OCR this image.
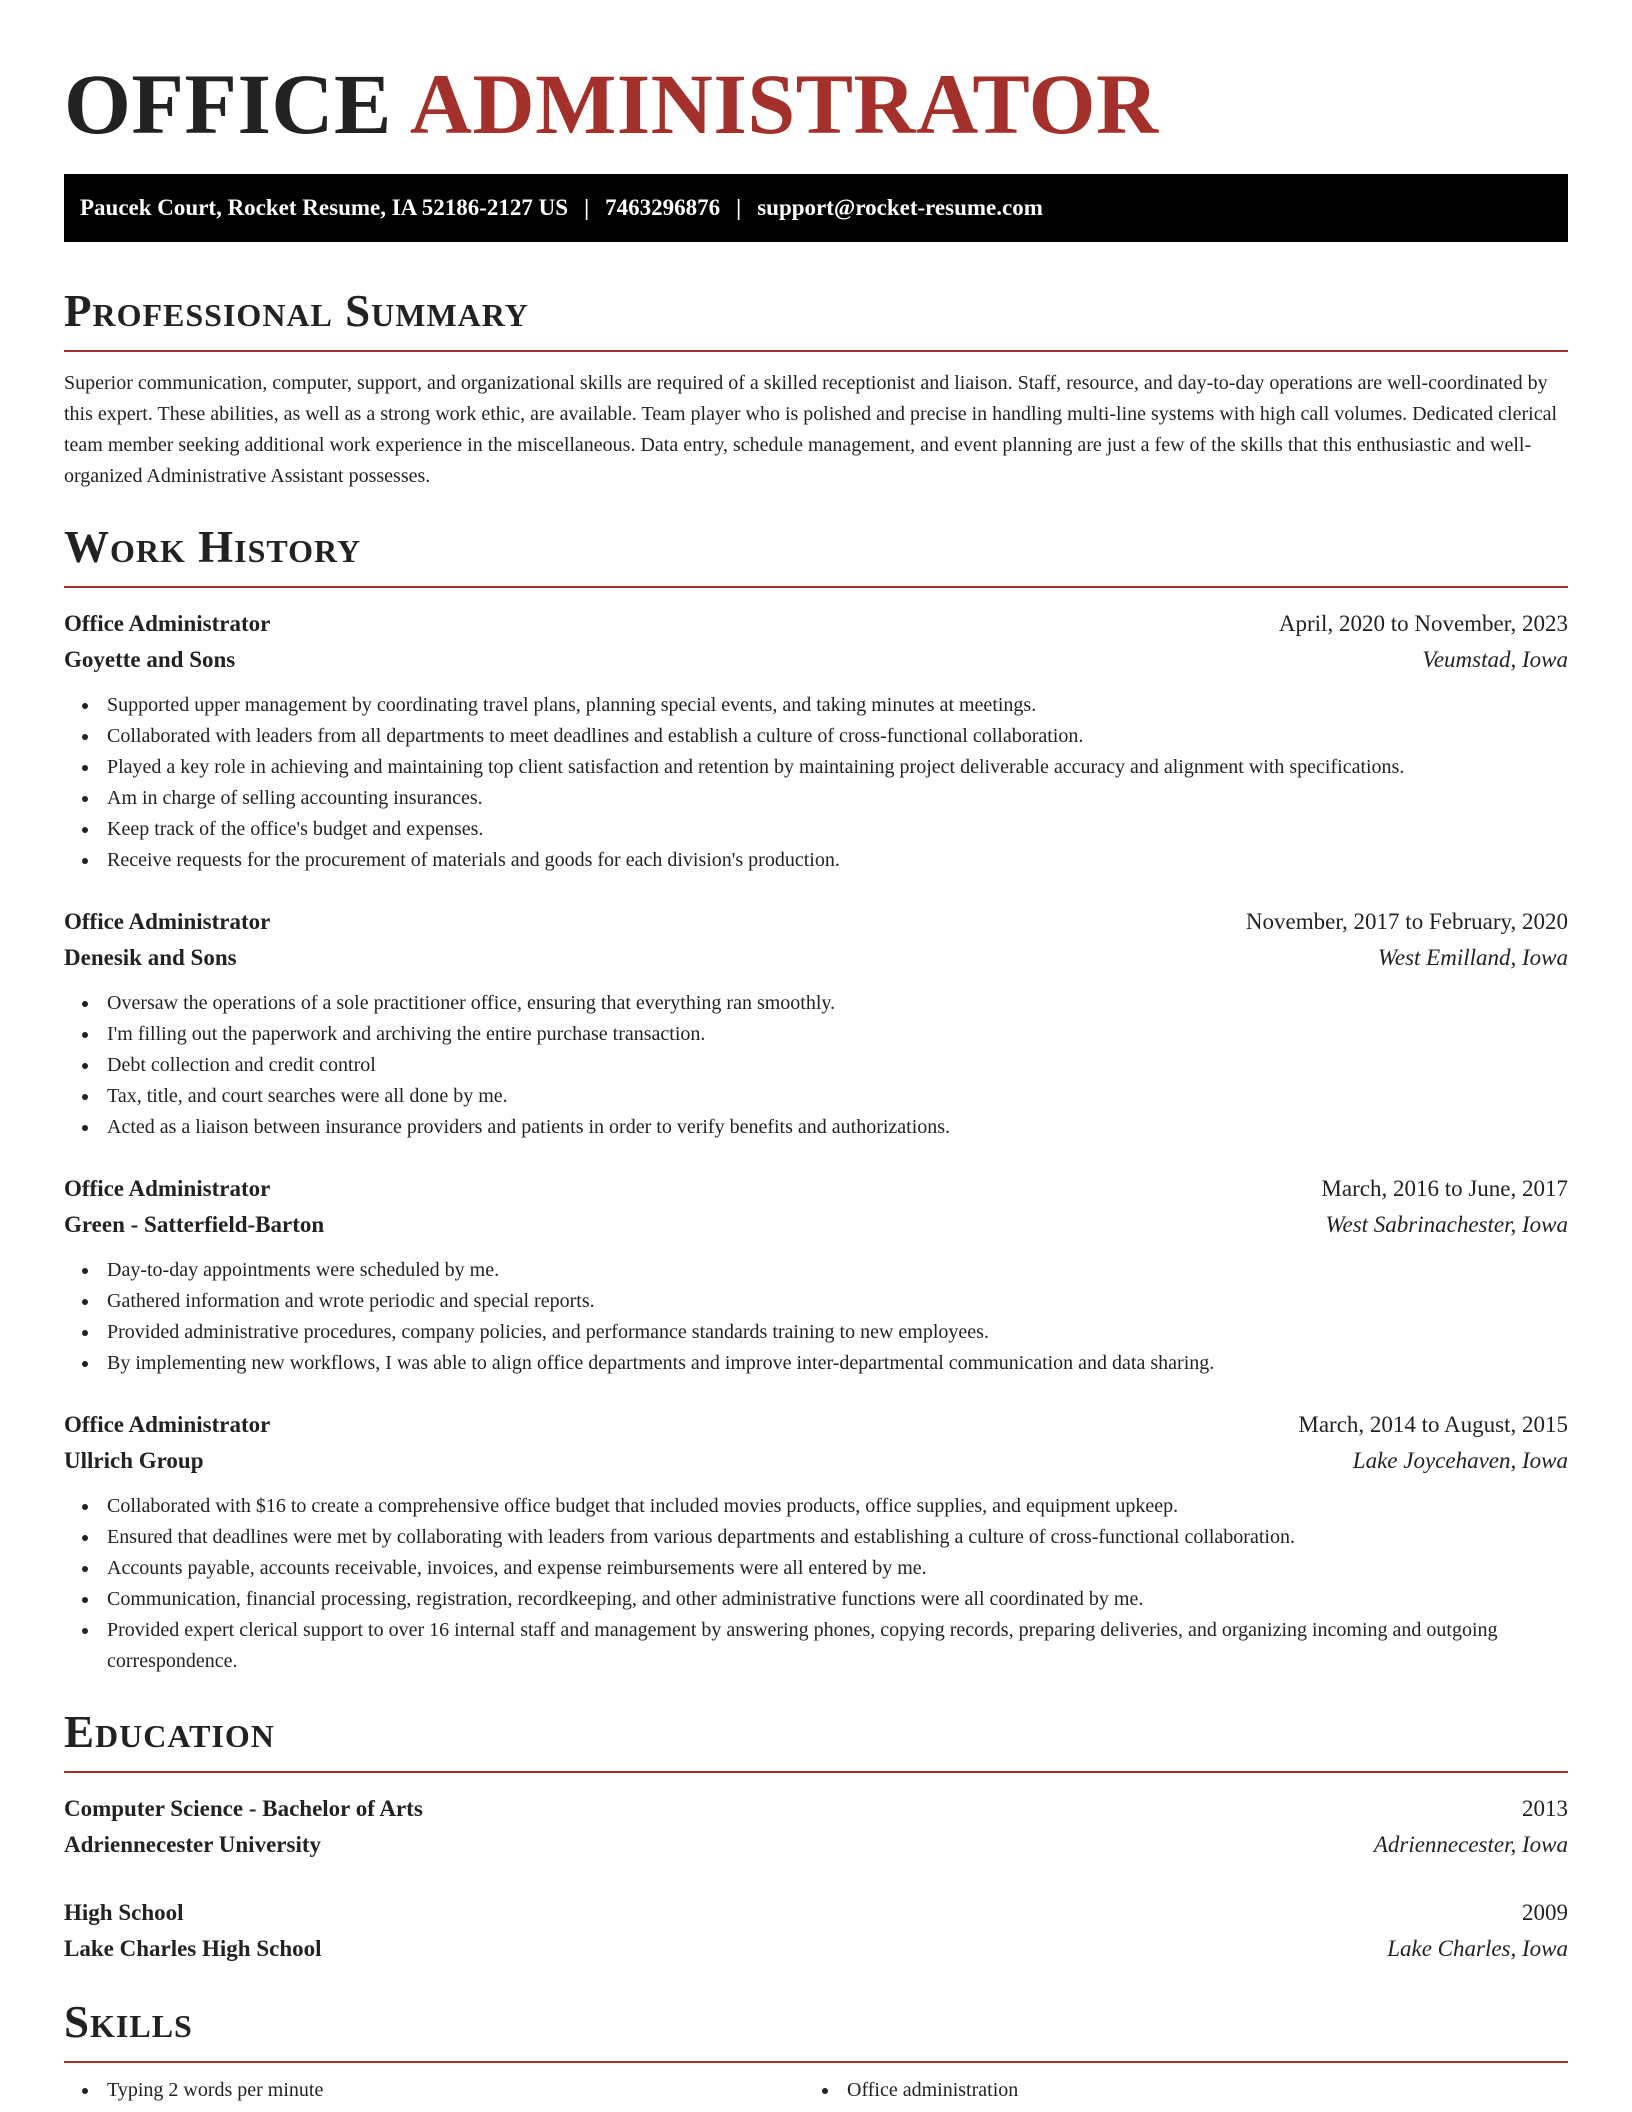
OFFICE ADMINISTRATOR
Paucek Court, Rocket Resume, IA 52186-2127 US | 7463296876 | support@rocket-resume.com
Professional Summary

Superior communication, computer, support, and organizational skills are required of a skilled receptionist and liaison. Staff, resource, and day-to-day operations are well-coordinated by this expert. These abilities, as well as a strong work ethic, are available. Team player who is polished and precise in handling multi-line systems with high call volumes. Dedicated clerical team member seeking additional work experience in the miscellaneous. Data entry, schedule management, and event planning are just a few of the skills that this enthusiastic and well-organized Administrative Assistant possesses.

Work History
Office Administrator	April, 2020 to November, 2023
Goyette and Sons	Veumstad, Iowa
Supported upper management by coordinating travel plans, planning special events, and taking minutes at meetings.
Collaborated with leaders from all departments to meet deadlines and establish a culture of cross-functional collaboration.
Played a key role in achieving and maintaining top client satisfaction and retention by maintaining project deliverable accuracy and alignment with specifications.
Am in charge of selling accounting insurances.
Keep track of the office's budget and expenses.
Receive requests for the procurement of materials and goods for each division's production.
Office Administrator	November, 2017 to February, 2020
Denesik and Sons	West Emilland, Iowa
Oversaw the operations of a sole practitioner office, ensuring that everything ran smoothly.
I'm filling out the paperwork and archiving the entire purchase transaction.
Debt collection and credit control
Tax, title, and court searches were all done by me.
Acted as a liaison between insurance providers and patients in order to verify benefits and authorizations.
Office Administrator	March, 2016 to June, 2017
Green - Satterfield-Barton	West Sabrinachester, Iowa
Day-to-day appointments were scheduled by me.
Gathered information and wrote periodic and special reports.
Provided administrative procedures, company policies, and performance standards training to new employees.
By implementing new workflows, I was able to align office departments and improve inter-departmental communication and data sharing.
Office Administrator	March, 2014 to August, 2015
Ullrich Group	Lake Joycehaven, Iowa
Collaborated with $16 to create a comprehensive office budget that included movies products, office supplies, and equipment upkeep.
Ensured that deadlines were met by collaborating with leaders from various departments and establishing a culture of cross-functional collaboration.
Accounts payable, accounts receivable, invoices, and expense reimbursements were all entered by me.
Communication, financial processing, registration, recordkeeping, and other administrative functions were all coordinated by me.
Provided expert clerical support to over 16 internal staff and management by answering phones, copying records, preparing deliveries, and organizing incoming and outgoing correspondence.
Education
Computer Science - Bachelor of Arts	2013
Adriennecester University	Adriennecester, Iowa
High School	2009
Lake Charles High School	Lake Charles, Iowa
Skills
Typing 2 words per minute	Office administration
